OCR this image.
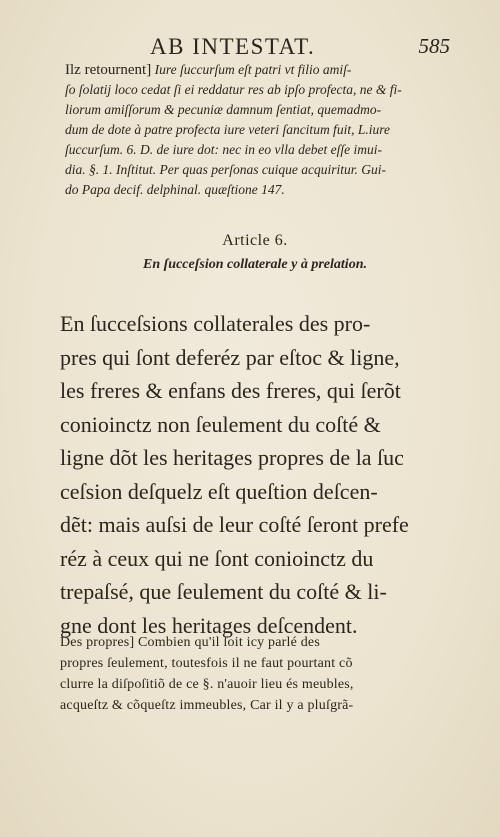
AB INTESTAT.	585
Ilz retournent] Iure ſuccurſum eſt patri vt filio amiſ-
ſo ſolatij loco cedat ſi ei reddatur res ab ipſo profecta, ne & fi-
liorum amiſſorum & pecuniæ damnum ſentiat, quemadmo-
dum de dote à patre profecta iure veteri ſancitum fuit, L.iure
ſuccurſum. 6. D. de iure dot: nec in eo vlla debet eſſe imui-
dia. §. 1. Inſtitut. Per quas perſonas cuique acquiritur. Gui-
do Papa decif. delphinal. quæſtione 147.
Article 6.
En ſucceſsion collaterale y à prelation.
En ſucceſsions collaterales des pro-
pres qui ſont deferéz par eſtoc & ligne,
les freres & enfans des freres, qui ſerõt
conioinctz non ſeulement du coſté &
ligne dõt les heritages propres de la ſuc
ceſsion deſquelz eſt queſtion deſcen-
dẽt: mais auſsi de leur coſté ſeront prefe
réz à ceux qui ne ſont conioinctz du
trepaſsé, que ſeulement du coſté & li-
gne dont les heritages deſcendent.
Des propres] Combien qu'il ſoit icy parlé des
propres ſeulement, toutesfois il ne faut pourtant cõ
clurre la diſpoſitiõ de ce §. n'auoir lieu és meubles,
acqueſtz & cõqueſtz immeubles, Car il y a pluſgrã-
